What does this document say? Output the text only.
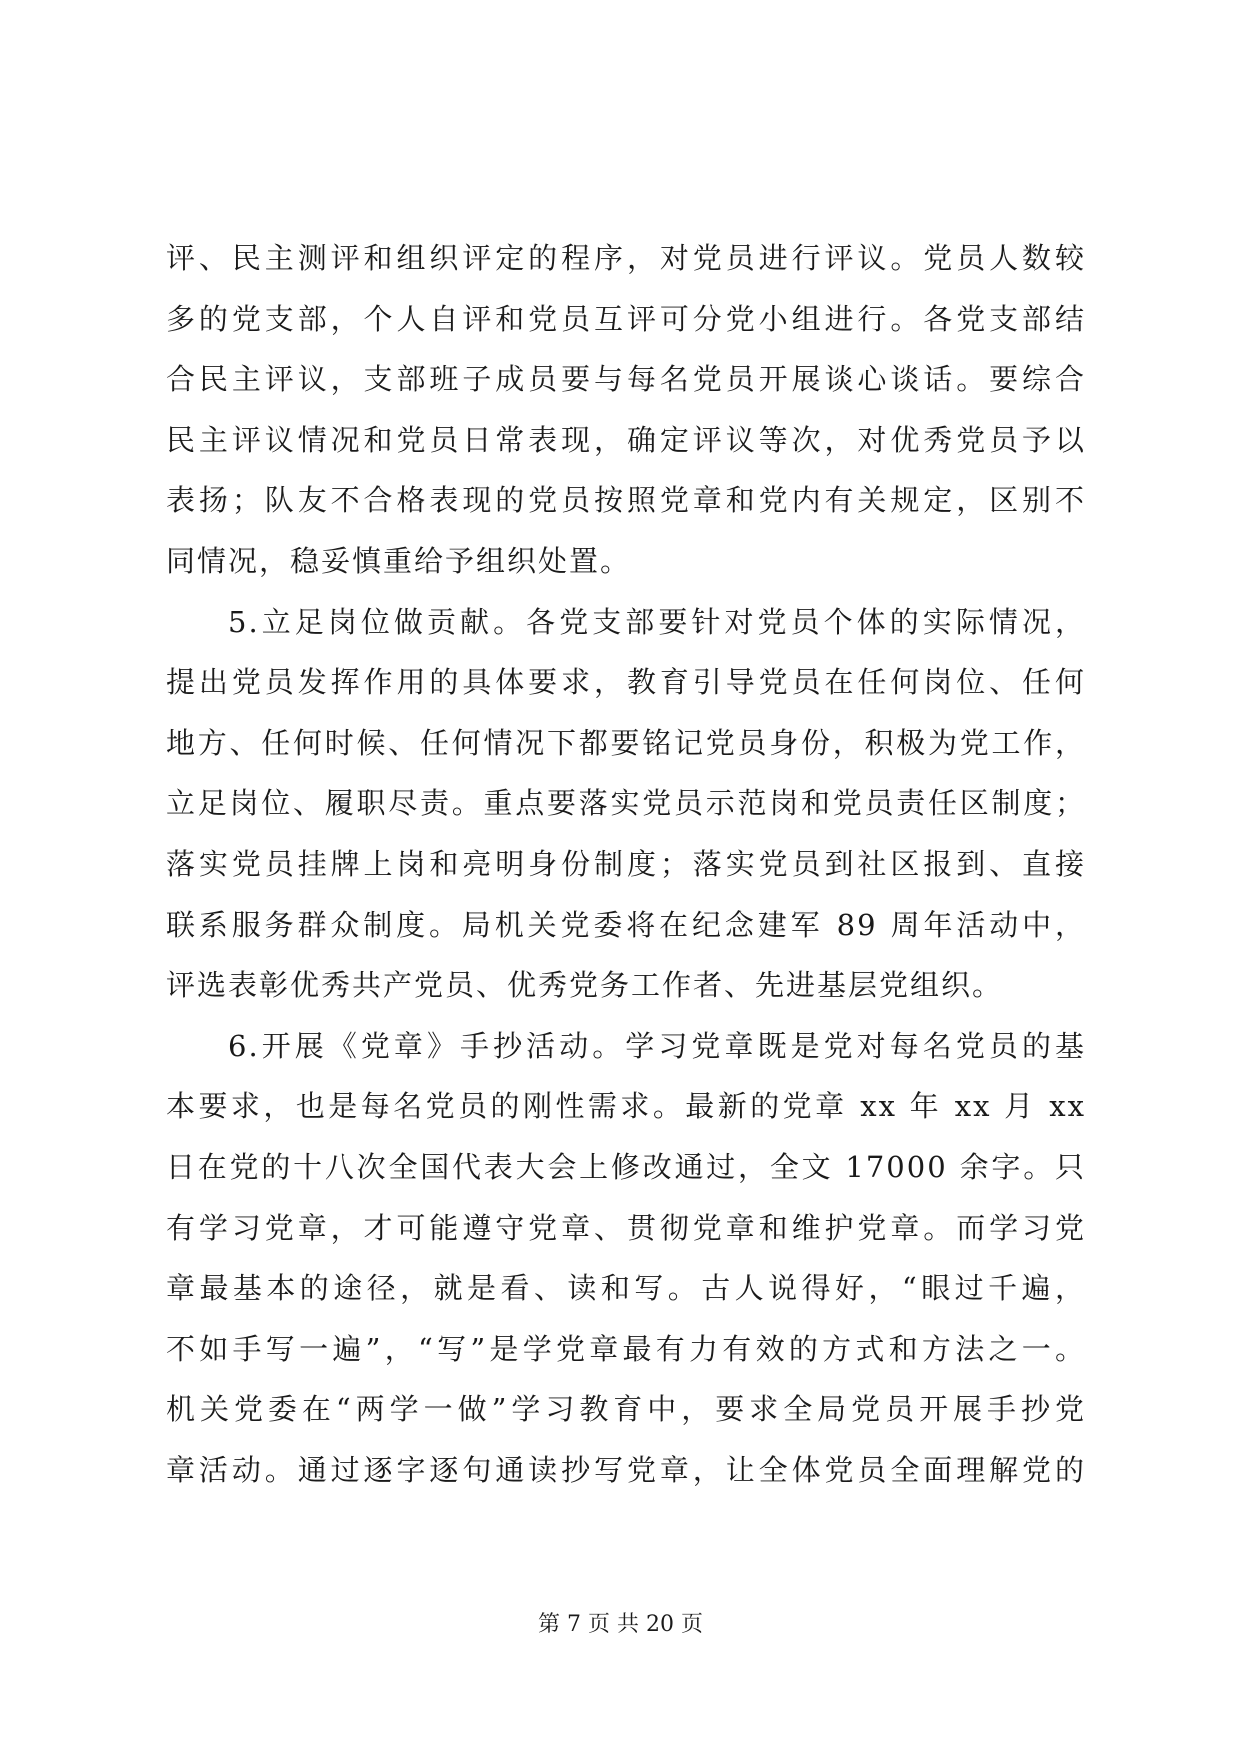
评、民主测评和组织评定的程序，对党员进行评议。党员人数较
多的党支部，个人自评和党员互评可分党小组进行。各党支部结
合民主评议，支部班子成员要与每名党员开展谈心谈话。要综合
民主评议情况和党员日常表现，确定评议等次，对优秀党员予以
表扬；队友不合格表现的党员按照党章和党内有关规定，区别不
同情况，稳妥慎重给予组织处置。
5.立足岗位做贡献。各党支部要针对党员个体的实际情况，
提出党员发挥作用的具体要求，教育引导党员在任何岗位、任何
地方、任何时候、任何情况下都要铭记党员身份，积极为党工作，
立足岗位、履职尽责。重点要落实党员示范岗和党员责任区制度；
落实党员挂牌上岗和亮明身份制度；落实党员到社区报到、直接
联系服务群众制度。局机关党委将在纪念建军 89 周年活动中，
评选表彰优秀共产党员、优秀党务工作者、先进基层党组织。
6.开展《党章》手抄活动。学习党章既是党对每名党员的基
本要求，也是每名党员的刚性需求。最新的党章 xx 年 xx 月 xx
日在党的十八次全国代表大会上修改通过，全文 17000 余字。只
有学习党章，才可能遵守党章、贯彻党章和维护党章。而学习党
章最基本的途径，就是看、读和写。古人说得好，“眼过千遍，
不如手写一遍”，“写”是学党章最有力有效的方式和方法之一。
机关党委在“两学一做”学习教育中，要求全局党员开展手抄党
章活动。通过逐字逐句通读抄写党章，让全体党员全面理解党的
第 7 页 共 20 页
